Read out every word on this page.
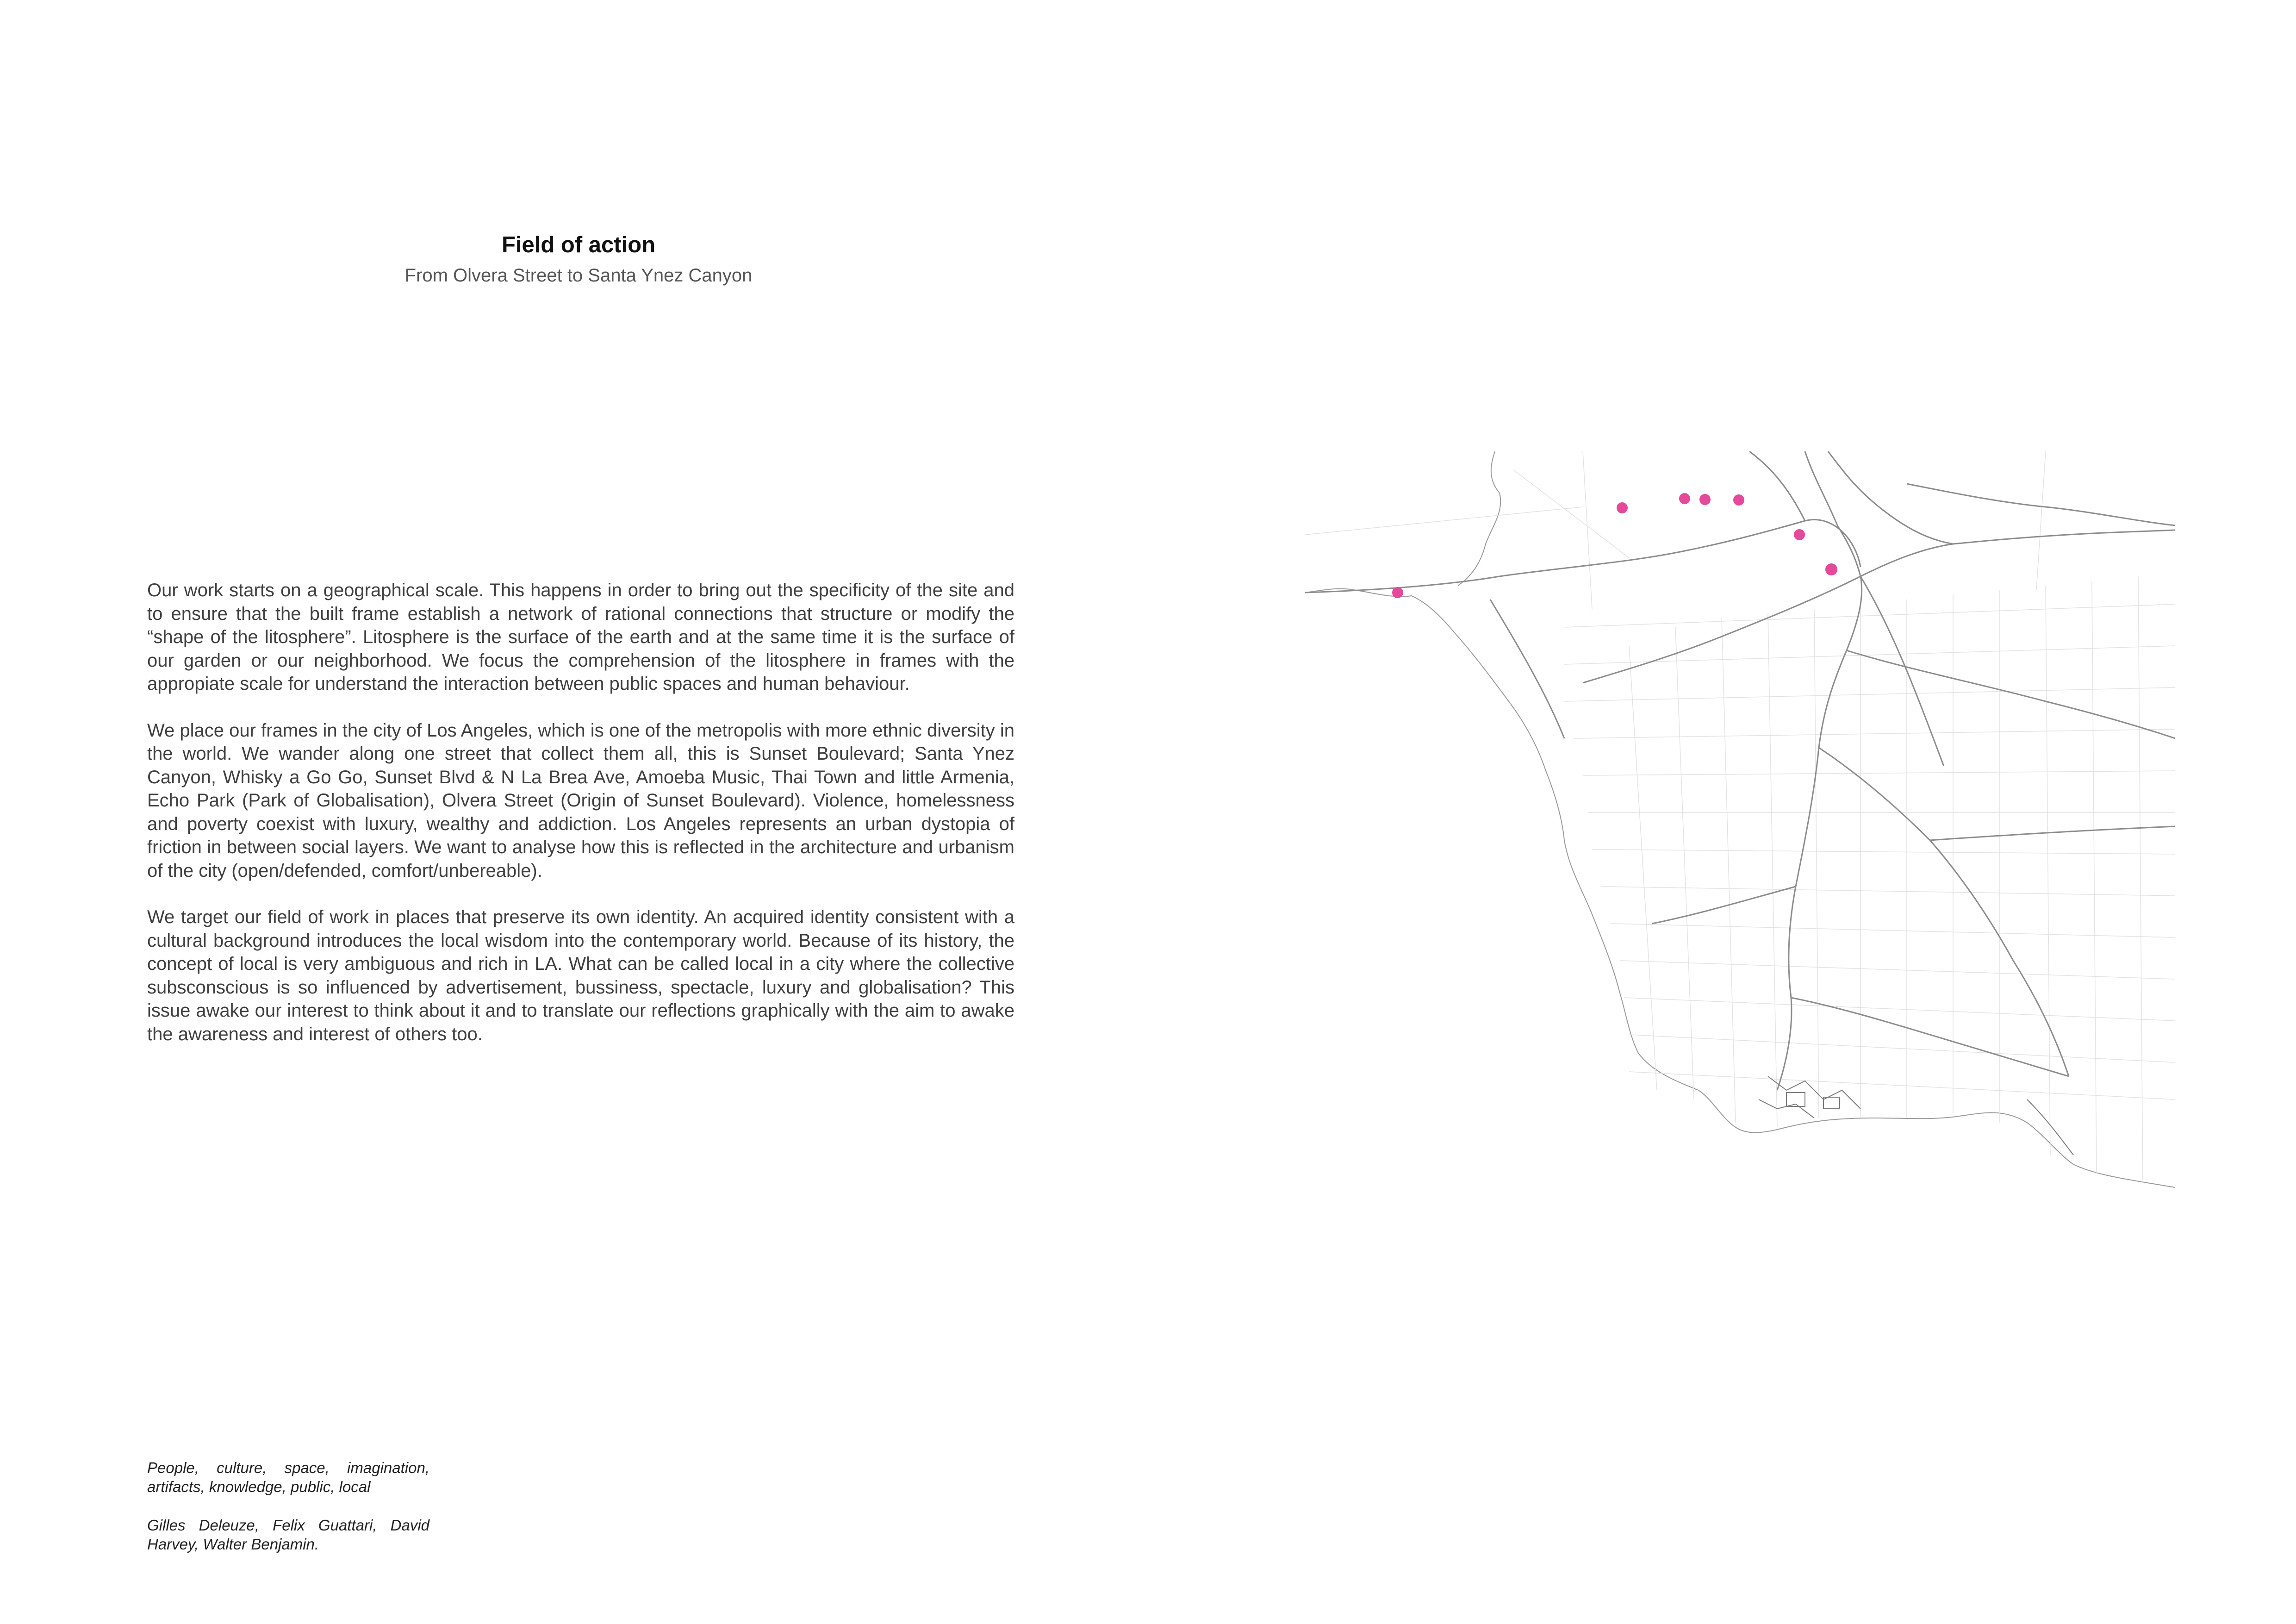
Field of action

From Olvera Street to Santa Ynez Canyon

Our work starts on a geographical scale. This happens in order to bring out the specificity of the site and to ensure that the built frame establish a network of rational connections that structure or modify the “shape of the litosphere”. Litosphere is the surface of the earth and at the same time it is the surface of our garden or our neighborhood. We focus the comprehension of the litosphere in frames with the appropiate scale for understand the interaction between public spaces and human behaviour.

We place our frames in the city of Los Angeles, which is one of the metropolis with more ethnic diversity in the world. We wander along one street that collect them all, this is Sunset Boulevard; Santa Ynez Canyon, Whisky a Go Go, Sunset Blvd & N La Brea Ave, Amoeba Music, Thai Town and little Armenia, Echo Park (Park of Globalisation), Olvera Street (Origin of Sunset Boulevard). Violence, homelessness and poverty coexist with luxury, wealthy and addiction. Los Angeles represents an urban dystopia of friction in between social layers. We want to analyse how this is reflected in the architecture and urbanism of the city (open/defended, comfort/unbereable).

We target our field of work in places that preserve its own identity. An acquired identity consistent with a cultural background introduces the local wisdom into the contemporary world. Because of its history, the concept of local is very ambiguous and rich in LA. What can be called local in a city where the collective subsconscious is so influenced by advertisement, bussiness, spectacle, luxury and globalisation? This issue awake our interest to think about it and to translate our reflections graphically with the aim to awake the awareness and interest of others too.

People, culture, space, imagination, artifacts, knowledge, public, local

Gilles Deleuze, Felix Guattari, David Harvey, Walter Benjamin.
